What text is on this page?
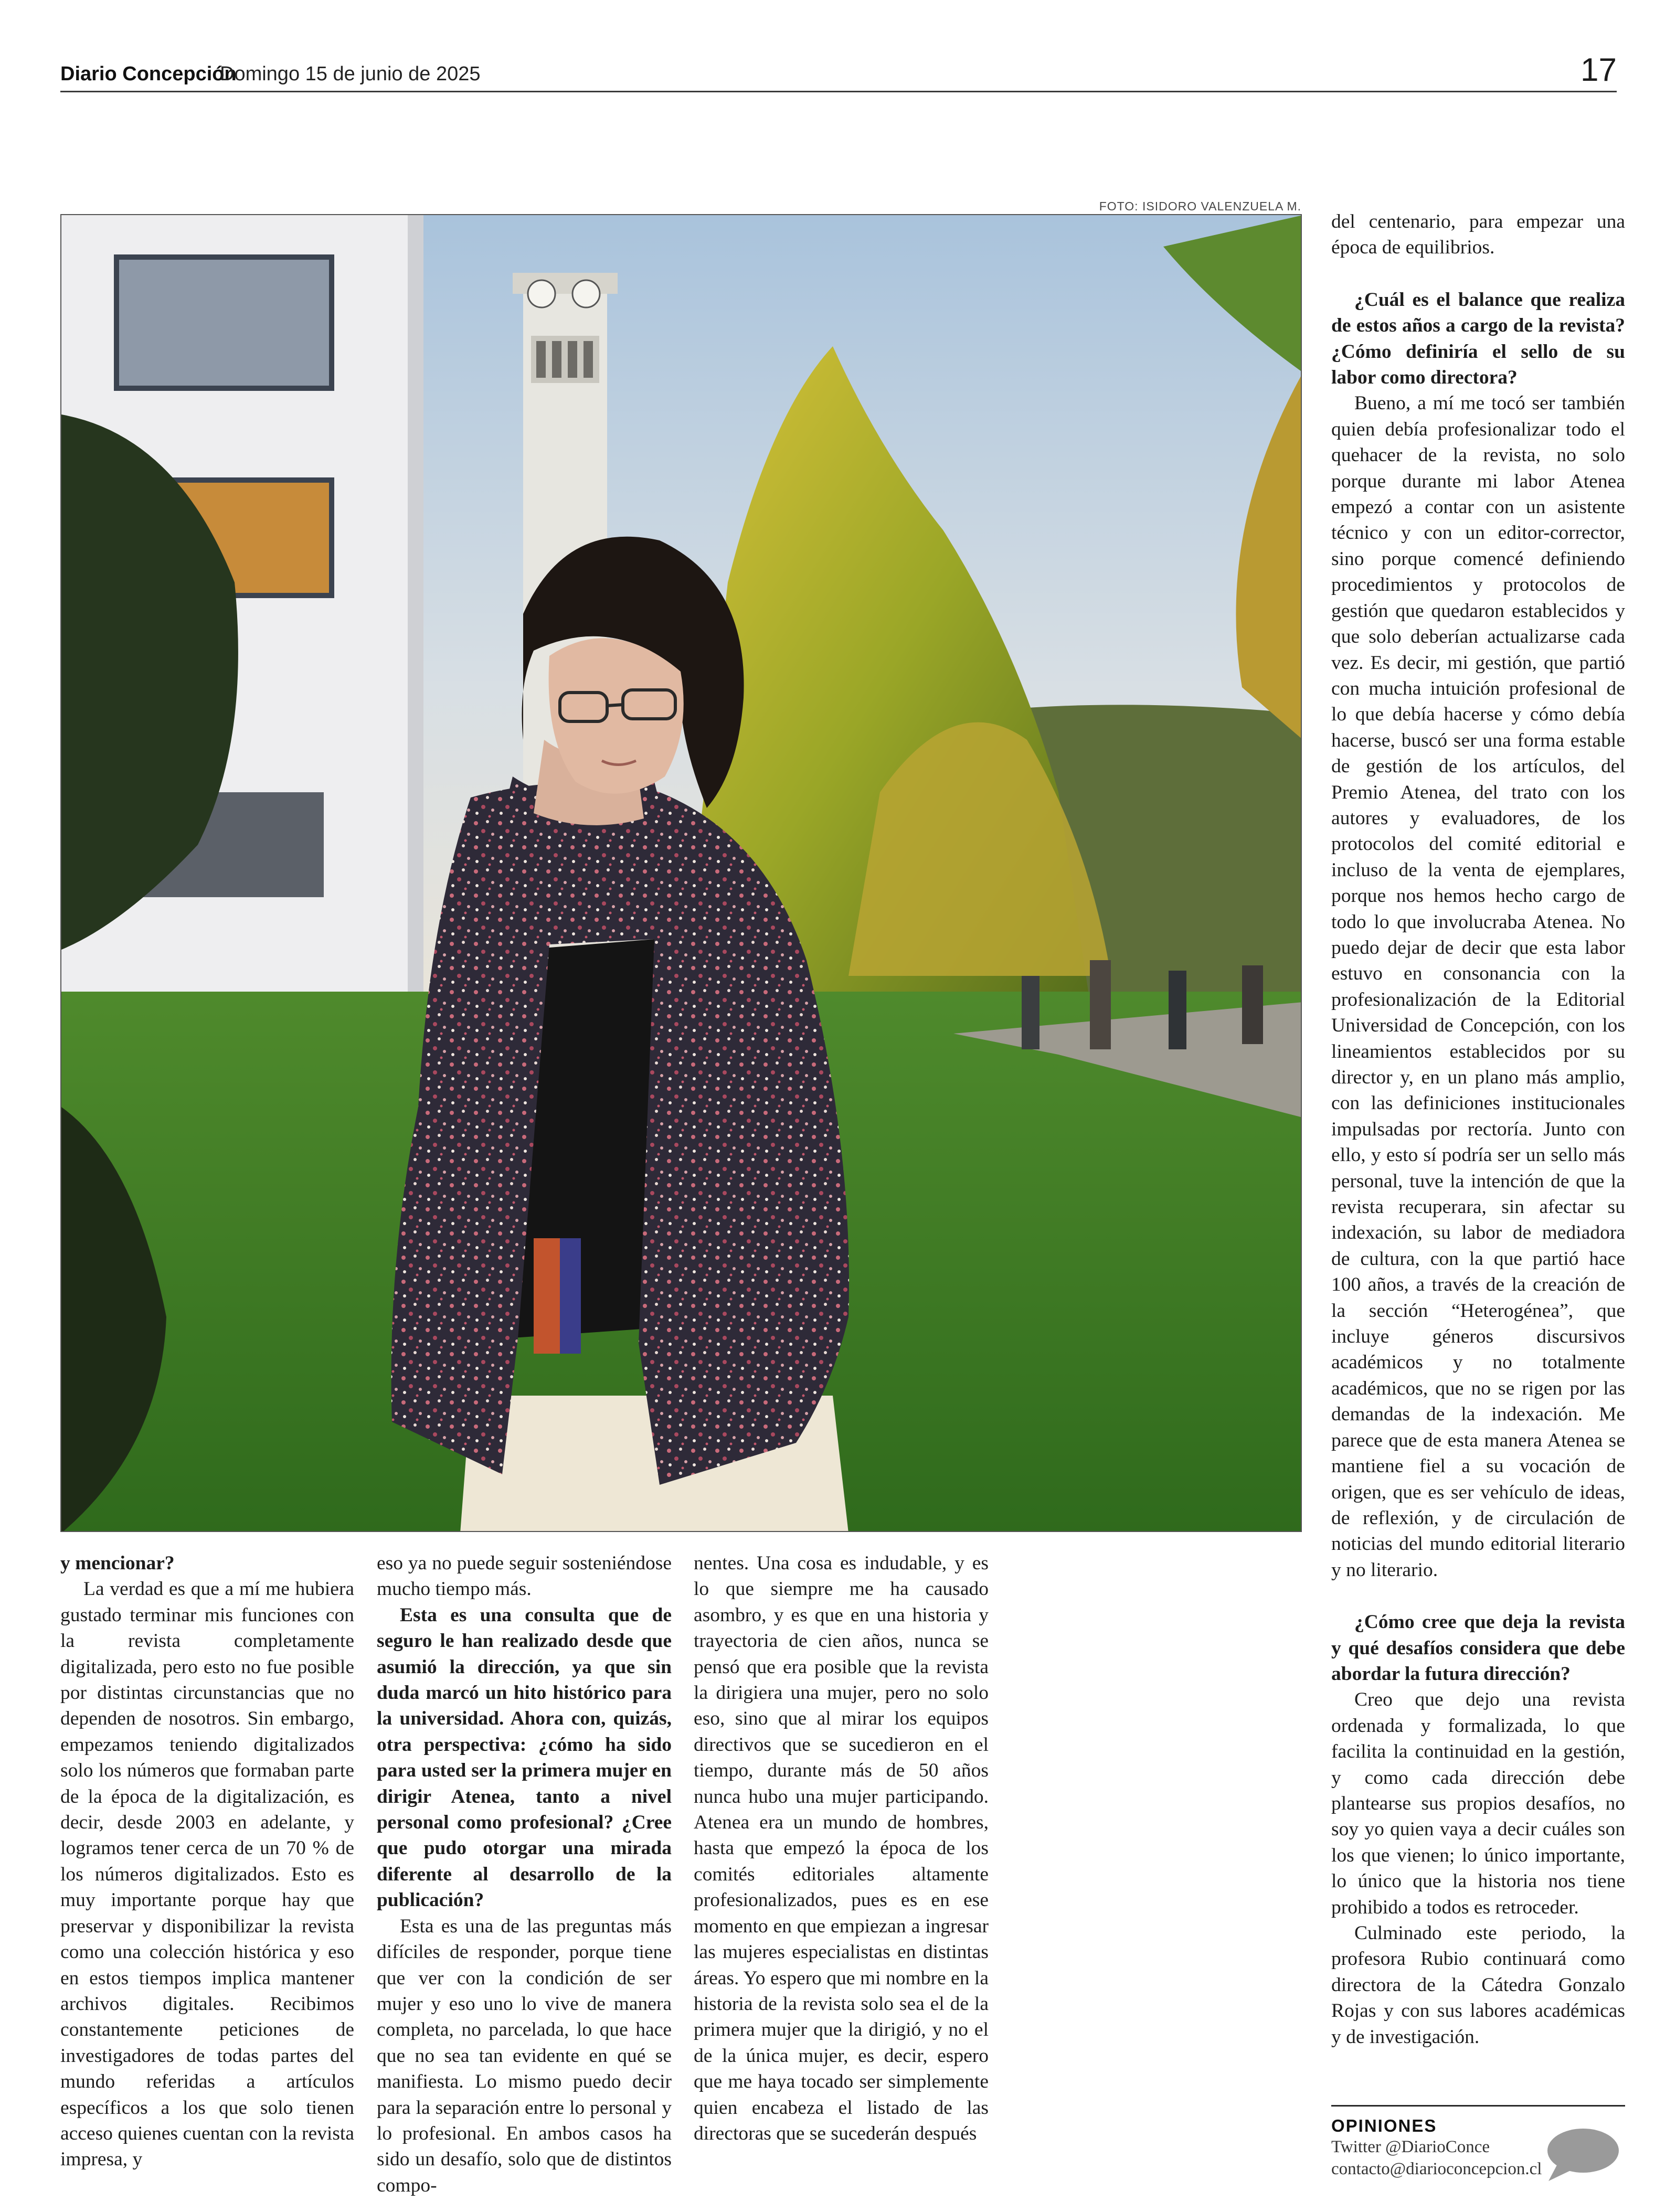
Diario Concepción
Domingo 15 de junio de 2025	17
FOTO: ISIDORO VALENZUELA M.

y mencionar?

La verdad es que a mí me hubiera gustado terminar mis funciones con la revista completamente digitalizada, pero esto no fue posible por distintas circunstancias que no dependen de nosotros. Sin embargo, empezamos teniendo digitalizados solo los números que formaban parte de la época de la digitalización, es decir, desde 2003 en adelante, y logramos tener cerca de un 70 % de los números digitalizados. Esto es muy importante porque hay que preservar y disponibilizar la revista como una colección histórica y eso en estos tiempos implica mantener archivos digitales. Recibimos constantemente peticiones de investigadores de todas partes del mundo referidas a artículos específicos a los que solo tienen acceso quienes cuentan con la revista impresa, y

eso ya no puede seguir sosteniéndose mucho tiempo más.

Esta es una consulta que de seguro le han realizado desde que asumió la dirección, ya que sin duda marcó un hito histórico para la universidad. Ahora con, quizás, otra perspectiva: ¿cómo ha sido para usted ser la primera mujer en dirigir Atenea, tanto a nivel personal como profesional? ¿Cree que pudo otorgar una mirada diferente al desarrollo de la publicación?

Esta es una de las preguntas más difíciles de responder, porque tiene que ver con la condición de ser mujer y eso uno lo vive de manera completa, no parcelada, lo que hace que no sea tan evidente en qué se manifiesta. Lo mismo puedo decir para la separación entre lo personal y lo profesional. En ambos casos ha sido un desafío, solo que de distintos compo-

nentes. Una cosa es indudable, y es lo que siempre me ha causado asombro, y es que en una historia y trayectoria de cien años, nunca se pensó que era posible que la revista la dirigiera una mujer, pero no solo eso, sino que al mirar los equipos directivos que se sucedieron en el tiempo, durante más de 50 años nunca hubo una mujer participando. Atenea era un mundo de hombres, hasta que empezó la época de los comités editoriales altamente profesionalizados, pues es en ese momento en que empiezan a ingresar las mujeres especialistas en distintas áreas. Yo espero que mi nombre en la historia de la revista solo sea el de la primera mujer que la dirigió, y no el de la única mujer, es decir, espero que me haya tocado ser simplemente quien encabeza el listado de las directoras que se sucederán después

del centenario, para empezar una época de equilibrios.

¿Cuál es el balance que realiza de estos años a cargo de la revista? ¿Cómo definiría el sello de su labor como directora?

Bueno, a mí me tocó ser también quien debía profesionalizar todo el quehacer de la revista, no solo porque durante mi labor Atenea empezó a contar con un asistente técnico y con un editor-corrector, sino porque comencé definiendo procedimientos y protocolos de gestión que quedaron establecidos y que solo deberían actualizarse cada vez. Es decir, mi gestión, que partió con mucha intuición profesional de lo que debía hacerse y cómo debía hacerse, buscó ser una forma estable de gestión de los artículos, del Premio Atenea, del trato con los autores y evaluadores, de los protocolos del comité editorial e incluso de la venta de ejemplares, porque nos hemos hecho cargo de todo lo que involucraba Atenea. No puedo dejar de decir que esta labor estuvo en consonancia con la profesionalización de la Editorial Universidad de Concepción, con los lineamientos establecidos por su director y, en un plano más amplio, con las definiciones institucionales impulsadas por rectoría. Junto con ello, y esto sí podría ser un sello más personal, tuve la intención de que la revista recuperara, sin afectar su indexación, su labor de mediadora de cultura, con la que partió hace 100 años, a través de la creación de la sección “Heterogénea”, que incluye géneros discursivos académicos y no totalmente académicos, que no se rigen por las demandas de la indexación. Me parece que de esta manera Atenea se mantiene fiel a su vocación de origen, que es ser vehículo de ideas, de reflexión, y de circulación de noticias del mundo editorial literario y no literario.

¿Cómo cree que deja la revista y qué desafíos considera que debe abordar la futura dirección?

Creo que dejo una revista ordenada y formalizada, lo que facilita la continuidad en la gestión, y como cada dirección debe plantearse sus propios desafíos, no soy yo quien vaya a decir cuáles son los que vienen; lo único importante, lo único que la historia nos tiene prohibido a todos es retroceder.

Culminado este periodo, la profesora Rubio continuará como directora de la Cátedra Gonzalo Rojas y con sus labores académicas y de investigación.

OPINIONES
Twitter @DiarioConce
contacto@diarioconcepcion.cl
